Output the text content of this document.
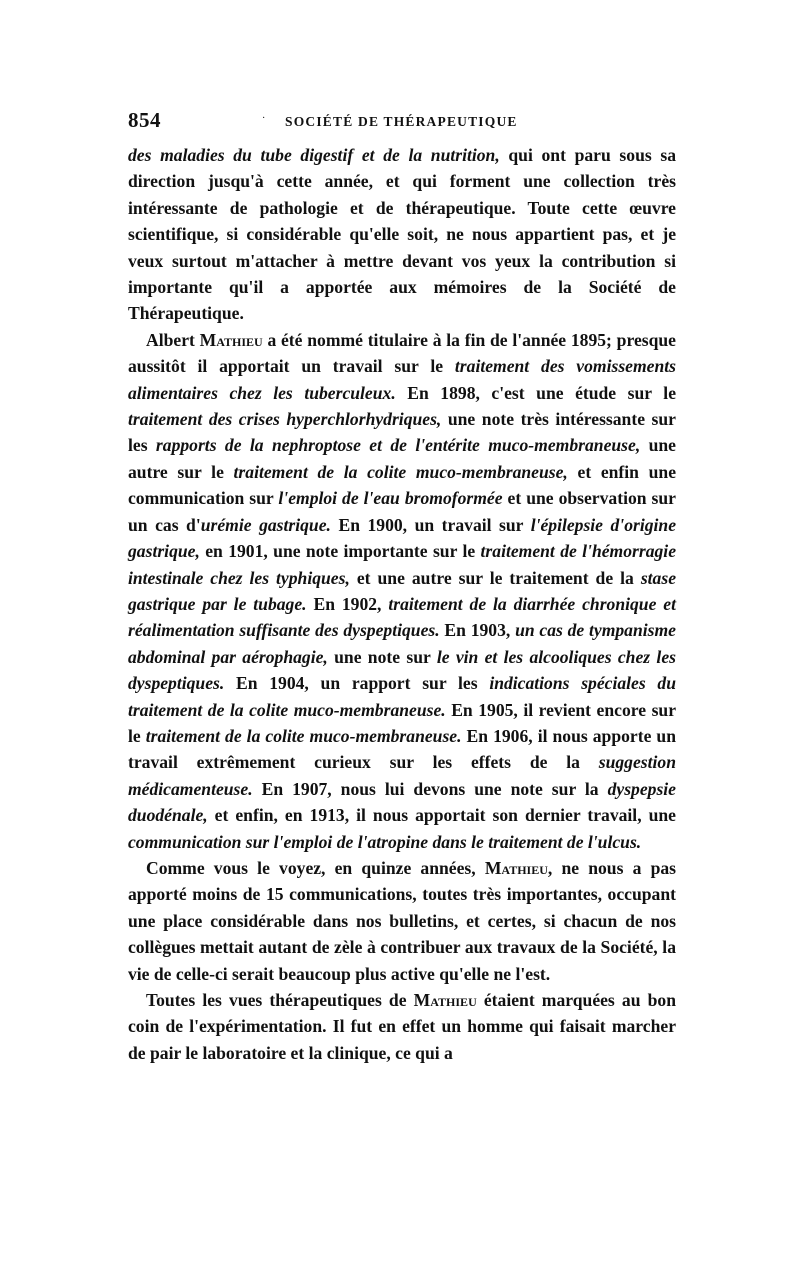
854	· SOCIÉTÉ DE THÉRAPEUTIQUE

des maladies du tube digestif et de la nutrition, qui ont paru sous sa direction jusqu'à cette année, et qui forment une collection très intéressante de pathologie et de thérapeutique. Toute cette œuvre scientifique, si considérable qu'elle soit, ne nous appartient pas, et je veux surtout m'attacher à mettre devant vos yeux la contribution si importante qu'il a apportée aux mémoires de la Société de Thérapeutique.

Albert Mathieu a été nommé titulaire à la fin de l'année 1895; presque aussitôt il apportait un travail sur le traitement des vomissements alimentaires chez les tuberculeux. En 1898, c'est une étude sur le traitement des crises hyperchlorhydriques, une note très intéressante sur les rapports de la nephroptose et de l'entérite muco-membraneuse, une autre sur le traitement de la colite muco-membraneuse, et enfin une communication sur l'emploi de l'eau bromoformée et une observation sur un cas d'urémie gastrique. En 1900, un travail sur l'épilepsie d'origine gastrique, en 1901, une note importante sur le traitement de l'hémorragie intestinale chez les typhiques, et une autre sur le traitement de la stase gastrique par le tubage. En 1902, traitement de la diarrhée chronique et réalimentation suffisante des dyspeptiques. En 1903, un cas de tympanisme abdominal par aérophagie, une note sur le vin et les alcooliques chez les dyspeptiques. En 1904, un rapport sur les indications spéciales du traitement de la colite muco-membraneuse. En 1905, il revient encore sur le traitement de la colite muco-membraneuse. En 1906, il nous apporte un travail extrêmement curieux sur les effets de la suggestion médicamenteuse. En 1907, nous lui devons une note sur la dyspepsie duodénale, et enfin, en 1913, il nous apportait son dernier travail, une communication sur l'emploi de l'atropine dans le traitement de l'ulcus.

Comme vous le voyez, en quinze années, Mathieu, ne nous a pas apporté moins de 15 communications, toutes très importantes, occupant une place considérable dans nos bulletins, et certes, si chacun de nos collègues mettait autant de zèle à contribuer aux travaux de la Société, la vie de celle-ci serait beaucoup plus active qu'elle ne l'est.

Toutes les vues thérapeutiques de Mathieu étaient marquées au bon coin de l'expérimentation. Il fut en effet un homme qui faisait marcher de pair le laboratoire et la clinique, ce qui a
